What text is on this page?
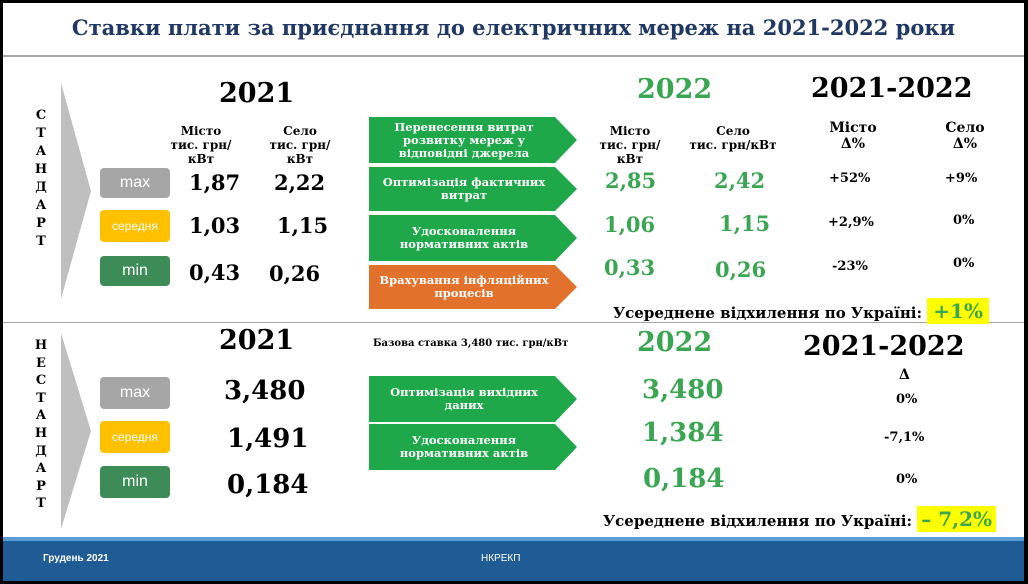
Ставки плати за приєднання до електричних мереж на 2021-2022 роки
С
Т
А
Н
Д
А
Р
Т
2021
Місто
тис. грн/кВт
Село
тис. грн/кВт
max
середня
min
1,87 2,22
1,03 1,15
0,43 0,26
Перенесення витрат розвитку мереж у відповідні джерела
Оптимізація фактичних витрат
Удосконалення нормативних актів
Врахування інфляційних процесів
2022
Місто
тис. грн/кВт
Село
тис. грн/кВт
2,85	2,42
1,06	1,15
0,33	0,26
2021-2022
Місто
Δ%
Село
Δ%
+52%	+9%
+2,9%	0%
-23%	0%
Усереднене відхилення по Україні: +1%
Н
Е
С
Т
А
Н
Д
А
Р
Т
2021
max
середня
min
3,480
1,491
0,184
Базова ставка 3,480 тис. грн/кВт
Оптимізація вихідних даних
Удосконалення нормативних актів
2022
3,480
1,384
0,184
2021-2022
Δ
0%
-7,1%
0%
Усереднене відхилення по Україні: – 7,2%
Грудень 2021	НКРЕКП
